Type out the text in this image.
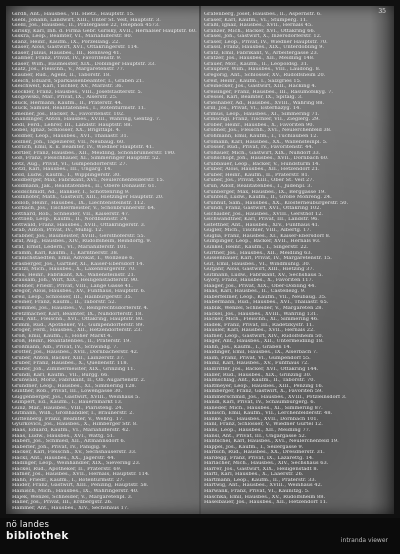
35
Girdh, Ant., Hausbes., VII. Hietz., Hauptstr. 15.
Giebl, Johann, Landwirt, XIII., Unter St. Veit, Hauptstr. 3.
Gießl, Jos., Hausbes., II., Pratergasse 22, Telephon 4573.
Girlsky, Karl, Inh. d. Firma Gebr. Girlsky, XVII., Hernalser Hauptstr. 60.
Giskra, Leop., Beamter, VI., Mariahilferstr. 80.
Glanz, Heinr., Kaufm., IX., Porzellang. 22.
Glaser, Alois, Gastwirt, XVI., Ottakringerstr. 114.
Glaser, Julius, Hausbes., III., Rennweg 41.
Glaßner, Franz, Privat, IV., Favoritenstr. 9.
Gläser, Wilh., Baumeister, XIX., Döblinger Hauptstr. 33.
Glatz, Jos., Fleischh., V., Margaretenstr. 77.
Glauber, Rud., Agent, II., Taborstr. 18.
Gleich, Eduard, Sparkassenbeamter, I., Graben 21.
Gleichweit, Karl, Tischler, XV., Märzstr. 36.
Glöckler, Franz, Hausbes., VIII., Josefstädterstr. 5.
Glogowski, Mar., Privat, IX., Alserstr. 25.
Glück, Hermann, Kaufm., II., Praterstr. 44.
Glück, Samuel, Realitätenbes., I., Rotenturmstr. 11.
Gmeiner, Jos., Bäcker, X., Favoritenstr. 102.
Gnändinger, Anton, Hausbes., XVIII., Währing, Gentzg. 7.
Godl, Ferd., Lehrer, III., Landstr. Hauptstr. 88.
Göbel, Ignaz, Schlosser, XX., Brigittapl. 4.
Göldner, Leop., Hausbes., XVI., Thaliastr. 31.
Göllner, Joh., Tapezierer, VII., Neubaug. 60.
Görlich, Emil, k. k. Beamter, IV., Wiedner Hauptstr. 41.
Görtler, Franz, Hausbes., XII., Meidling, Schönbrunnerstr. 190.
Göß, Franz, Fleischhauer, XI., Simmeringer Hauptstr. 52.
Götz, Aug., Privat, VI., Gumpendorferstr. 27.
Götzl, Karl, Hausbes., III., Ungarg. 14.
Gold, Ludw., Kaufm., I., Wipplingerstr. 30.
Goldberger, Max, Fabrikant, XVI., Neulerchenfelderstr. 15.
Goldmann, Jak., Realitätenbes., II., Obere Donaustr. 61.
Goldschmidt, Ad., Bankier, I., Schottenring 9.
Gollnhofer, Math., Gastwirt, XIII., Hietzinger Hauptstr. 20.
Gollob, Heinr., Hausbes., IX., Liechtensteinstr. 112.
Gorbach, Jos., Tischlermeister, V., Schönbrunnerstr. 64.
Gotthard, Rob., Schneider, VII., Kaiserstr. 47.
Gottlieb, Leop., Kaufm., II., Nordbahnstr. 24.
Gottwald, Franz, Hausbes., XVII., Ottakringerstr. 3.
Grab, Anton, Privat, IV., Mühlg. 12.
Grabner, Jos., Baumeister, XVIII., Gersthoferstr. 55.
Graf, Aug., Hausbes., XIV., Rudolfsheim, Reindorfg. 9.
Graf, Ernst, Lederh., VI., Mariahilferstr. 101.
Gramm, Karl, Kaufm., I., Kärntnerstr. 38.
Granichstaedten, Emil, Advokat, I., Wollzeile 6.
Grasberger, Jos., Gärtner, XI., Kaiser-Ebersdorf 14.
Gratzl, Mich., Hausbes., X., Laxenburgerstr. 70.
Grau, Heinr., Fabrikant, XX., Wallensteinstr. 21.
Grausam, Joh., Wirt, XIX., Heiligenstädterstr. 90.
Grebner, Friedr., Privat, VIII., Lange Gasse 41.
Gregor, Alois, Hausbes., XV., Fünfhaus, Hauptstr. 6.
Greil, Leop., Schlosser, III., Hainburgerstr. 35.
Greiner, Franz, Kaufm., II., Taborstr. 52.
Gremmel, Jos., Hausbes., V., Reinprechtsdorferstr. 4.
Gretzmacher, Karl, Beamter, IX., Nußdorferstr. 18.
Grill, Ant., Fleischh., XVI., Ottakring, Hauptstr. 80.
Grimm, Rud., Apotheker, VI., Gumpendorferstr. 89.
Gröger, Ferd., Hausbes., XII., Hetzendorferstr. 23.
Groß, Emil, Kaufm., I., Hoher Markt 4.
Groß, Heinr., Realitätenbes., II., Praterstr. 19.
Großmann, Alb., Privat, IV., Schwindg. 7.
Grotter, Jos., Hausbes., XVII., Dornbacherstr. 42.
Gruber, Anton, Bäcker, XIII., Lainzerstr. 37.
Gruber, Franz, Hausbes., X., Quellenstr. 118.
Gruber, Joh., Zimmermeister, XIX., Grinzing 11.
Gründl, Karl, Kaufm., VII., Burgg. 66.
Grünwald, Moriz, Fabrikant, II., Ob. Augartenstr. 2.
Grundner, Leop., Hausbes., XI., Simmering 128.
Günther, Rob., Privat, III., Löwengasse 30.
Guggenberger, Jos., Gastwirt, XVIII., Weinhaus 5.
Gumpert, Ed., Kaufm., I., Bauernmarkt 13.
Gunz, Mar., Hausbes., VIII., Piaristeng. 24.
Gutmann, Wilh., Großhändler, I., Bräunerstr. 2.
Guttenberg, Franz, Beamter, V., Wehrg. 17.
Gyurkovics, Jos., Hausbes., X., Himberger Str. 8.
Haas, Eduard, Kaufm., VI., Mariahilferstr. 42.
Haas, Ludw., Hausbes., XVI., Wattg. 51.
Haberl, Jos., Schmied, XII., Altmannsdorf 6.
Haberler, Joh., Privat, IV., Paniglg. 9.
Hacker, Karl, Fleischh., XV., Sechshauserstr. 33.
Hackl, Ant., Hausbes., XX., Jägerstr. 44.
Hadinger, Leop., Weinhändler, XIX., Sievering 23.
Häckel, Rud., Apotheker, II., Praterstr. 69.
Hafner, Jos., Hausbes., XVII., Hernals, Hauptstr. 114.
Hahn, Friedr., Kaufm., I., Rotenturmstr. 27.
Haider, Franz, Gastwirt, XIII., Penzing, Hauptstr. 58.
Hainisch, Mich., Hausbes., IX., Währingerstr. 40.
Hajek, Wenzel, Schneider, V., Margaretenpl. 3.
Haller, Jos., Privat, III., Erdbergstr. 26.
Hammer, Ant., Hausbes., XIV., Sechshaus 17.
Grafenberg, Josef, Hausbes., II., Aspernstr. 6.
Gräser, Karl, Kaufm., VI., Stumperg. 11.
Gräßl, Ignaz, Hausbes., XVII., Hernals 45.
Granzer, Mich., Bäcker, XVI., Ottakring 66.
Grasel, Joh., Gastwirt, X., Inzersdorferstr. 12.
Graser, Leop., Privat, IV., Wiedner Hauptstr. 70.
Grassl, Franz, Hausbes., XIX., Unterdöbling 9.
Grätz, Emil, Fabrikant, V., Arbeitergasse 23.
Gratzer, Jos., Hausbes., XII., Meidling 148.
Grauer, Mor., Kaufm., II., Leopoldsg. 31.
Graupner, Wilh., Hausbes., VIII., Laudong. 8.
Gregorig, Ant., Schlosser, XV., Rudolfsheim 20.
Greif, Heinr., Kaufm., I., Salzgries 15.
Greinecker, Jos., Gastwirt, XIII., Hacking 4.
Greisinger, Franz, Hausbes., III., Rasumofskyg. 7.
Gressel, Karl, Beamter, IX., Spitalg. 3.
Grieshaber, Ad., Hausbes., XVIII., Währing 88.
Grill, Jos., Privat, VI., Esterhazyg. 14.
Grimus, Leop., Hausbes., XI., Simmering 71.
Grinschgl, Franz, Tischler, VII., Zieglerg. 29.
Grober, Heinr., Hausbes., X., Favoriten 90.
Gröbner, Jos., Fleischh., XVI., Neulerchenfeld 38.
Grohmann, Emil, Kaufm., I., Tuchlauben 12.
Gromann, Karl, Hausbes., XX., Wallensteinpl. 5.
Grosser, Rud., Privat, IV., Favoritenstr. 44.
Großauer, Mich., Gastwirt, XIX., Nußdorf 33.
Großschopf, Joh., Hausbes., XVII., Dornbach 60.
Grubbauer, Leop., Bäcker, V., Hundsturm 14.
Gruber, Alois, Hausbes., XII., Hetzendorf 21.
Gruber, Heinr., Kaufm., II., Praterstr. 81.
Gruber, Jos., Privat, XIII., Ober St. Veit 27.
Grün, Adolf, Realitätenbes., I., Judenpl. 3.
Grünberger, Max, Hausbes., IX., Berggasse 19.
Grünfeld, Ludw., Kaufm., II., Große Mohreng. 24.
Grünhut, Sam., Hausbes., XX., Klosterneuburgerstr. 50.
Grundl, Franz, Gastwirt, XVI., Ottakring 102.
Gschaider, Jos., Hausbes., XVIII., Gersthof 12.
Gschwandtner, Karl, Privat, III., Landstr. 96.
Gstettner, Ant., Hausbes., XIV., Fünfhaus 41.
Gugler, Mich., Tischler, VIII., Albertg. 17.
Guglia, Franz, Hausbes., XI., Kaiser-Ebersdorf 8.
Gumpinger, Leop., Bäcker, XVII., Hernals 93.
Gunkel, Heinr., Kaufm., I., Singerstr. 22.
Gurtner, Jos., Hausbes., XII., Meidling 63.
Gussenbauer, Karl, Privat, IV., Margaretenstr. 15.
Gut, Emil, Hausbes., VI., Windmühlg. 30.
Gutjahr, Alois, Gastwirt, XIII., Hietzing 37.
Gutmann, Ludw., Fabrikant, XV., Sechshaus 5.
Györy, Franz, Hausbes., X., Favoriten 117.
Haager, Jos., Privat, XIX., Ober-Döbling 44.
Haas, Karl, Hausbes., II., Castellezg. 9.
Haberfellner, Leop., Kaufm., VII., Neubaug. 35.
Habermann, Rud., Hausbes., XVI., Thaliastr. 65.
Hablik, Wenzel, Schneider, V., Margareten 28.
Hackel, Jos., Hausbes., XVIII., Währing 131.
Hacker, Mich., Fleischh., XI., Simmering 46.
Hadek, Franz, Privat, III., Radetzkystr. 11.
Häusler, Karl, Hausbes., XVII., Hernals 22.
Hafner, Leop., Gastwirt, XIV., Rudolfsheim 50.
Hager, Ant., Hausbes., XII., Untermeidling 18.
Hahn, Jos., Kaufm., I., Graben 14.
Haidinger, Emil, Hausbes., IX., Alserbach 7.
Haim, Franz, Privat, VI., Gumpendorf 55.
Hainz, Karl, Hausbes., XV., Fünfhaus 72.
Halbritter, Jos., Bäcker, XVI., Ottakring 144.
Haller, Rud., Hausbes., XIX., Grinzing 30.
Halmschlag, Ant., Kaufm., II., Taborstr. 70.
Haltmeyer, Leop., Hausbes., XIII., Penzing 16.
Hamberger, Franz, Gastwirt, X., Favoriten 59.
Hammerschmid, Jos., Hausbes., XVIII., Pötzleinsdorf 3.
Handl, Karl, Privat, IV., Schaumburgerg. 6.
Haneder, Mich., Hausbes., XI., Simmering 87.
Hanisch, Emil, Kaufm., VII., Lerchenfelderstr. 48.
Hanke, Jos., Hausbes., XVII., Dornbach 101.
Hanl, Franz, Schlosser, V., Wiedner Gürtel 12.
Hans, Leop., Hausbes., XII., Meidling 77.
Hansl, Ant., Privat, III., Ungargasse 52.
Hantschel, Karl, Hausbes., XVI., Neulerchenfeld 19.
Happel, Jos., Kaufm., I., Seilergasse 9.
Harbich, Rud., Hausbes., XX., Dresdnerstr. 31.
Hardegg, Franz, Privat, IX., Lazarettg. 14.
Harlacher, Mich., Hausbes., XIV., Sechshaus 63.
Harrer, Jos., Gastwirt, XIX., Heiligenstadt 8.
Hartl, Karl, Hausbes., X., Laaerstr. 26.
Hartmann, Leop., Kaufm., II., Praterstr. 33.
Hartwig, Ant., Hausbes., XVIII., Weinhaus 42.
Harwalik, Franz, Privat, VI., Kaunitzg. 5.
Haschka, Emil, Hausbes., XV., Rudolfsheim 88.
Haselbauer, Jos., Hausbes., XII., Hetzendorf 11.
nö landes
bibliothek	intranda viewer
